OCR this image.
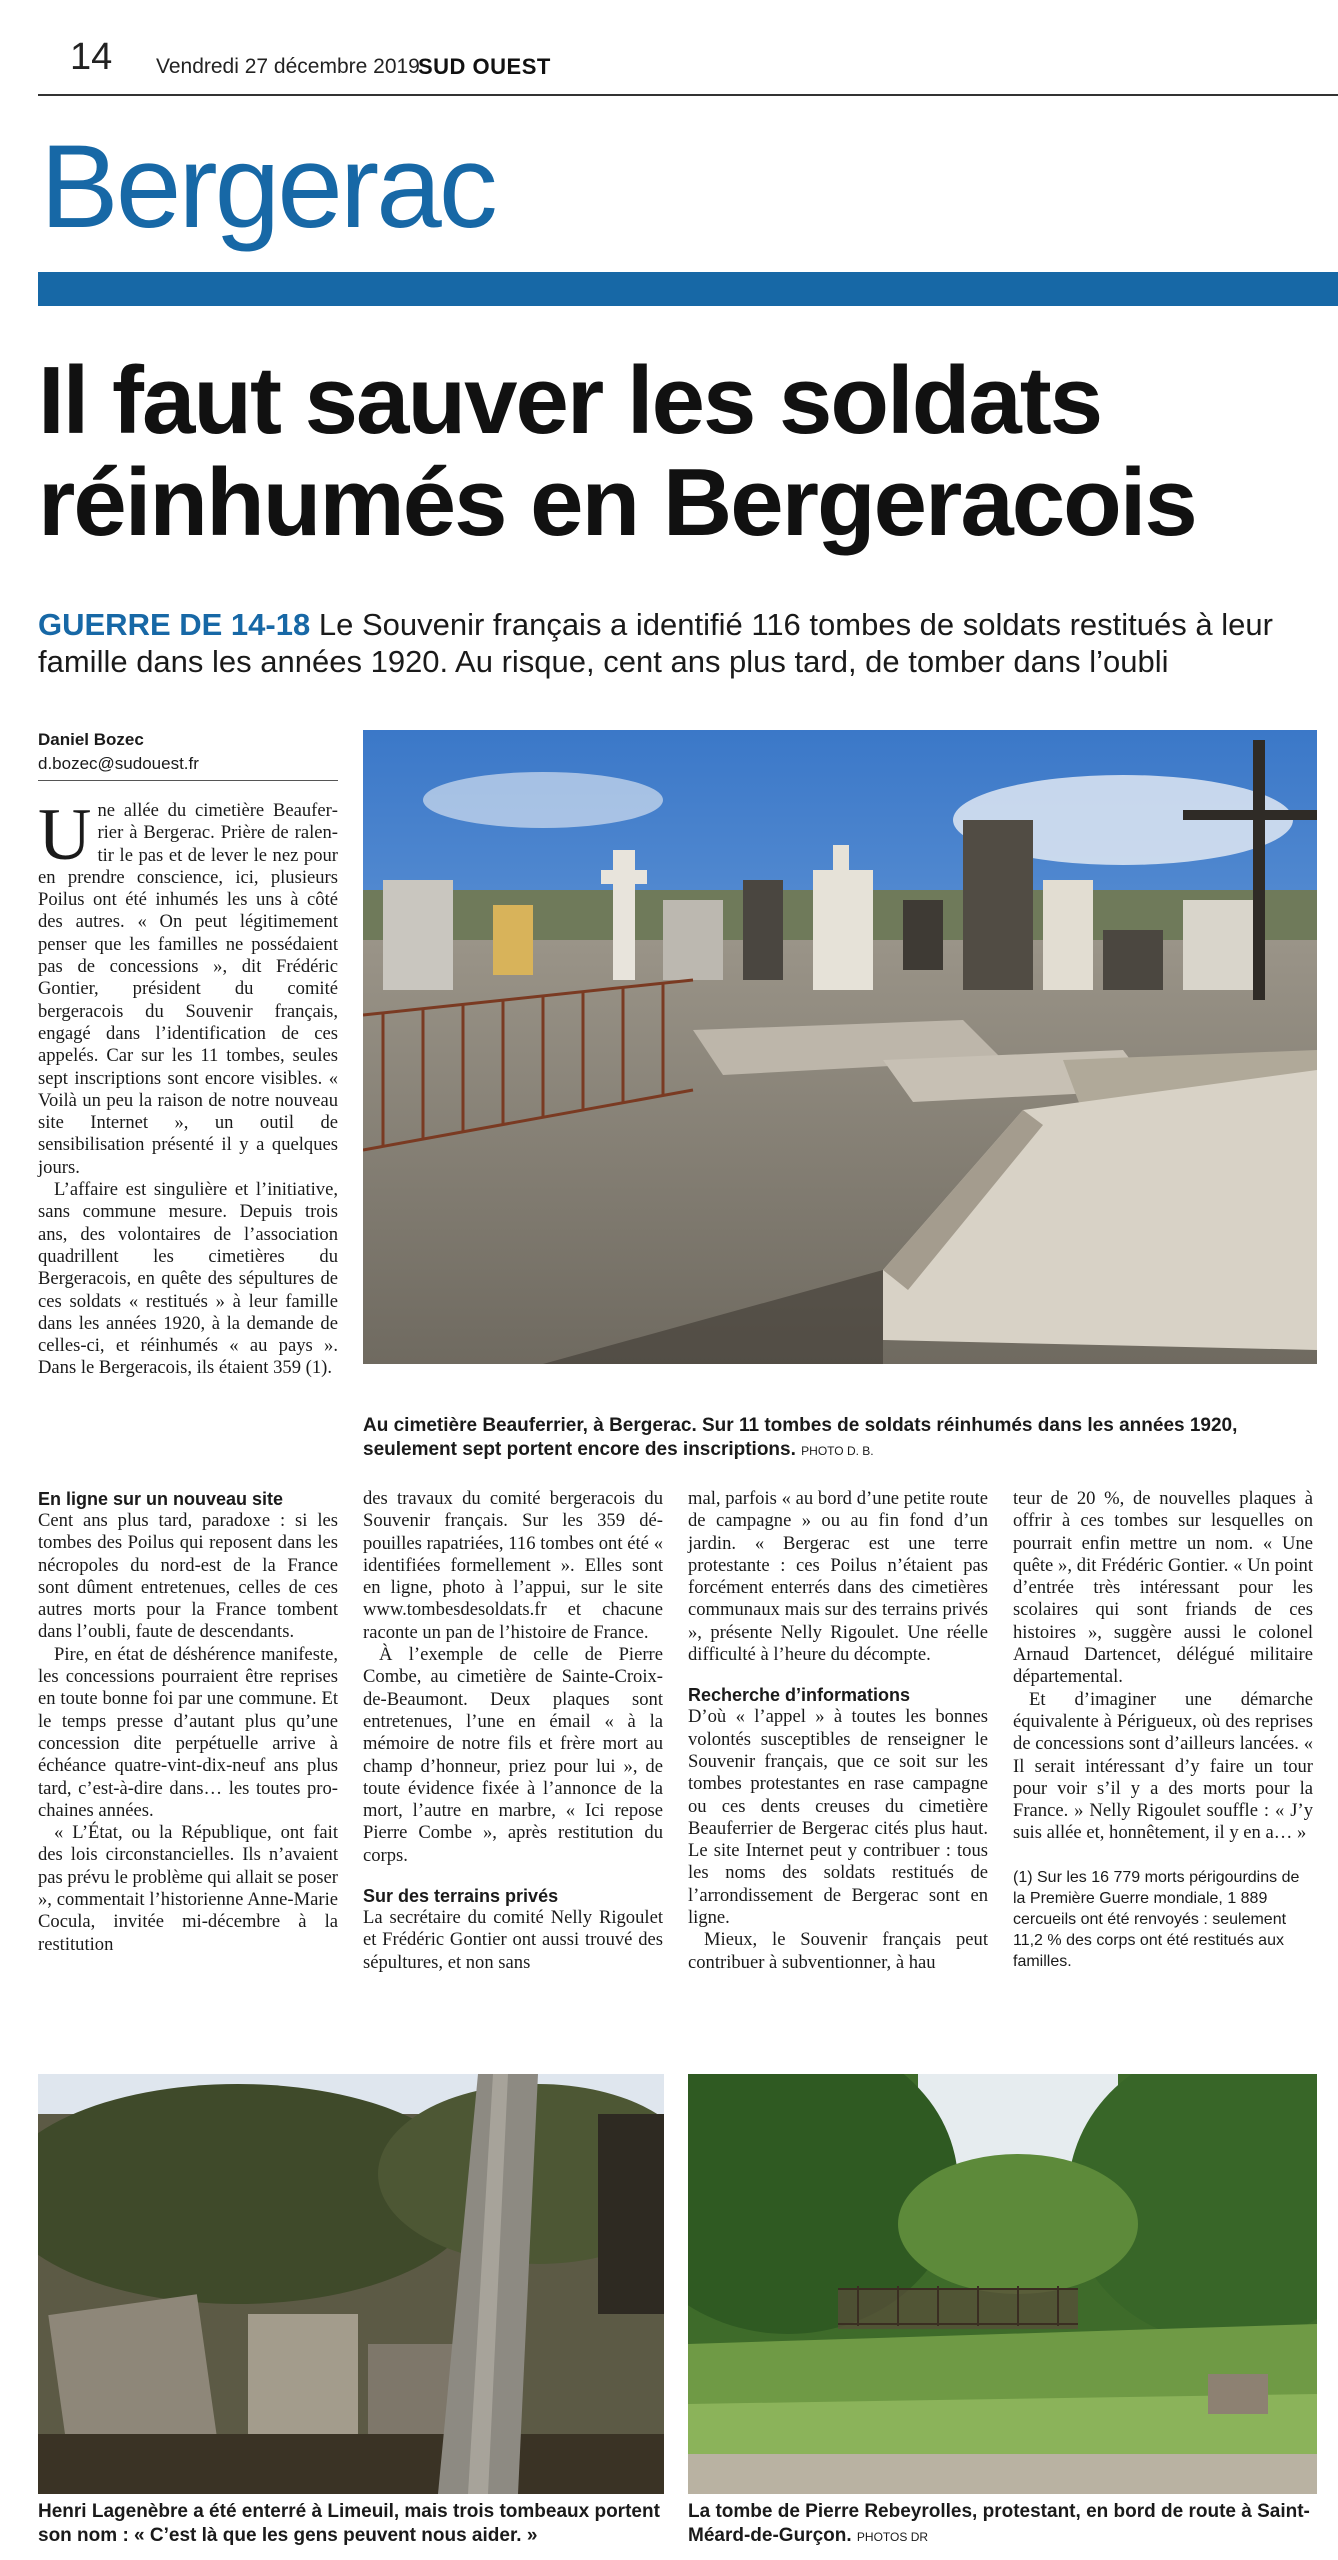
14 Vendredi 27 décembre 2019
SUD OUEST
Bergerac
Il faut sauver les soldats réinhumés en Bergeracois
GUERRE DE 14-18 Le Souvenir français a identifié 116 tombes de soldats restitués à leur famille dans les années 1920. Au risque, cent ans plus tard, de tomber dans l’oubli
Daniel Bozec
d.bozec@sudouest.fr

Une allée du cimetière Beauferrier à Bergerac. Prière de ralentir le pas et de lever le nez pour en prendre conscience, ici, plusieurs Poilus ont été inhumés les uns à côté des autres. « On peut légitimement penser que les familles ne possédaient pas de concessions », dit Frédéric Gontier, président du comité bergeracois du Souvenir français, engagé dans l’identification de ces appelés. Car sur les 11 tombes, seules sept inscriptions sont encore visibles. « Voilà un peu la raison de notre nouveau site Internet », un outil de sensibilisation présenté il y a quelques jours.

L’affaire est singulière et l’initiative, sans commune mesure. Depuis trois ans, des volontaires de l’association quadrillent les cimetières du Bergeracois, en quête des sépultures de ces soldats « restitués » à leur famille dans les années 1920, à la demande de celles-ci, et réinhumés « au pays ». Dans le Bergeracois, ils étaient 359 (1).

Au cimetière Beauferrier, à Bergerac. Sur 11 tombes de soldats réinhumés dans les années 1920, seulement sept portent encore des inscriptions. PHOTO D. B.
En ligne sur un nouveau site

Cent ans plus tard, paradoxe : si les tombes des Poilus qui reposent dans les nécropoles du nord-est de la France sont dûment entretenues, celles de ces autres morts pour la France tombent dans l’oubli, faute de descendants.

Pire, en état de déshérence manifeste, les concessions pourraient être reprises en toute bonne foi par une commune. Et le temps presse d’autant plus qu’une concession dite perpétuelle arrive à échéance quatre-vint-dix-neuf ans plus tard, c’est-à-dire dans… les toutes prochaines années.

« L’État, ou la République, ont fait des lois circonstancielles. Ils n’avaient pas prévu le problème qui allait se poser », commentait l’historienne Anne-Marie Cocula, invitée mi-décembre à la restitution

des travaux du comité bergeracois du Souvenir français. Sur les 359 dépouilles rapatriées, 116 tombes ont été « identifiées formellement ». Elles sont en ligne, photo à l’appui, sur le site www.tombesdesoldats.fr et chacune raconte un pan de l’histoire de France.

À l’exemple de celle de Pierre Combe, au cimetière de Sainte-Croix-de-Beaumont. Deux plaques sont entretenues, l’une en émail « à la mémoire de notre fils et frère mort au champ d’honneur, priez pour lui », de toute évidence fixée à l’annonce de la mort, l’autre en marbre, « Ici repose Pierre Combe », après restitution du corps.

Sur des terrains privés

La secrétaire du comité Nelly Rigoulet et Frédéric Gontier ont aussi trouvé des sépultures, et non sans

mal, parfois « au bord d’une petite route de campagne » ou au fin fond d’un jardin. « Bergerac est une terre protestante : ces Poilus n’étaient pas forcément enterrés dans des cimetières communaux mais sur des terrains privés », présente Nelly Rigoulet. Une réelle difficulté à l’heure du décompte.

Recherche d’informations

D’où « l’appel » à toutes les bonnes volontés susceptibles de renseigner le Souvenir français, que ce soit sur les tombes protestantes en rase campagne ou ces dents creuses du cimetière Beauferrier de Bergerac cités plus haut. Le site Internet peut y contribuer : tous les noms des soldats restitués de l’arrondissement de Bergerac sont en ligne.

Mieux, le Souvenir français peut contribuer à subventionner, à hau

teur de 20 %, de nouvelles plaques à offrir à ces tombes sur lesquelles on pourrait enfin mettre un nom. « Une quête », dit Frédéric Gontier. « Un point d’entrée très intéressant pour les scolaires qui sont friands de ces histoires », suggère aussi le colonel Arnaud Dartencet, délégué militaire départemental.

Et d’imaginer une démarche équivalente à Périgueux, où des reprises de concessions sont d’ailleurs lancées. « Il serait intéressant d’y faire un tour pour voir s’il y a des morts pour la France. » Nelly Rigoulet souffle : « J’y suis allée et, honnêtement, il y en a… »

(1) Sur les 16 779 morts périgourdins de la Première Guerre mondiale, 1 889 cercueils ont été renvoyés : seulement 11,2 % des corps ont été restitués aux familles.
Henri Lagenèbre a été enterré à Limeuil, mais trois tombeaux portent son nom : « C’est là que les gens peuvent nous aider. »
La tombe de Pierre Rebeyrolles, protestant, en bord de route à Saint-Méard-de-Gurçon. PHOTOS DR
